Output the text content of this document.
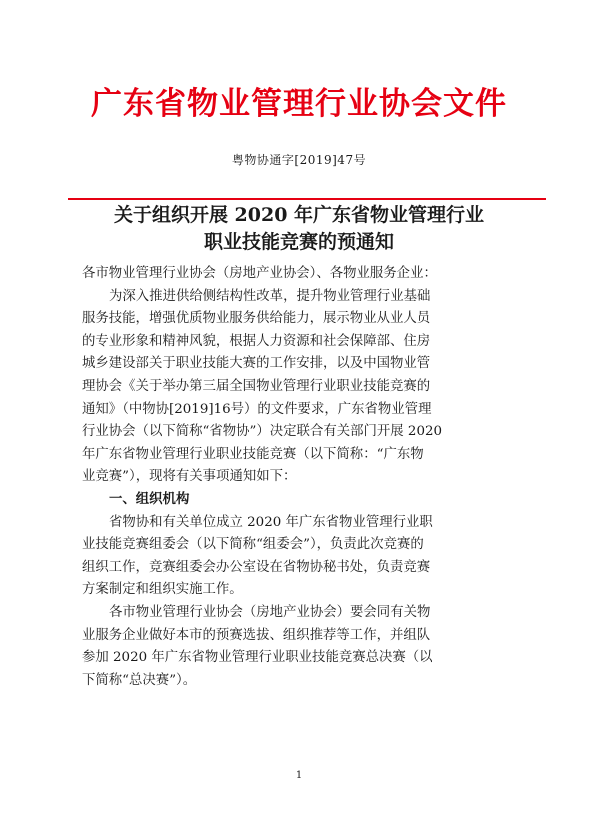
广东省物业管理行业协会文件
粤物协通字[2019]47号
关于组织开展 2020 年广东省物业管理行业
职业技能竞赛的预通知
各市物业管理行业协会（房地产业协会）、各物业服务企业：
为深入推进供给侧结构性改革，提升物业管理行业基础
服务技能，增强优质物业服务供给能力，展示物业从业人员
的专业形象和精神风貌，根据人力资源和社会保障部、住房
城乡建设部关于职业技能大赛的工作安排，以及中国物业管
理协会《关于举办第三届全国物业管理行业职业技能竞赛的
通知》（中物协[2019]16号）的文件要求，广东省物业管理
行业协会（以下简称“省物协”）决定联合有关部门开展 2020
年广东省物业管理行业职业技能竞赛（以下简称：“广东物
业竞赛”），现将有关事项通知如下：
一、组织机构
省物协和有关单位成立 2020 年广东省物业管理行业职
业技能竞赛组委会（以下简称“组委会”），负责此次竞赛的
组织工作，竞赛组委会办公室设在省物协秘书处，负责竞赛
方案制定和组织实施工作。
各市物业管理行业协会（房地产业协会）要会同有关物
业服务企业做好本市的预赛选拔、组织推荐等工作，并组队
参加 2020 年广东省物业管理行业职业技能竞赛总决赛（以
下简称“总决赛”）。
1
